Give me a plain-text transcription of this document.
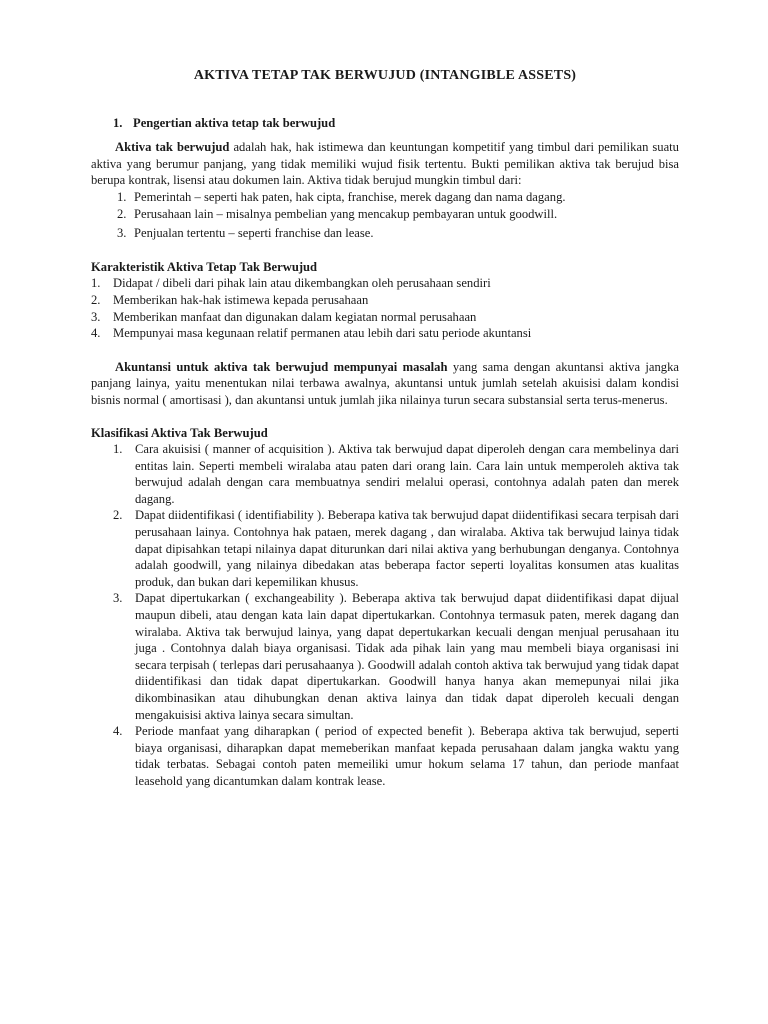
AKTIVA TETAP TAK BERWUJUD (INTANGIBLE ASSETS)
1. Pengertian aktiva tetap tak berwujud

Aktiva tak berwujud adalah hak, hak istimewa dan keuntungan kompetitif yang timbul dari pemilikan suatu aktiva yang berumur panjang, yang tidak memiliki wujud fisik tertentu. Bukti pemilikan aktiva tak berujud bisa berupa kontrak, lisensi atau dokumen lain. Aktiva tidak berujud mungkin timbul dari:

1. Pemerintah – seperti hak paten, hak cipta, franchise, merek dagang dan nama dagang.
2. Perusahaan lain – misalnya pembelian yang mencakup pembayaran untuk goodwill.
3. Penjualan tertentu – seperti franchise dan lease.
Karakteristik Aktiva Tetap Tak Berwujud
1. Didapat / dibeli dari pihak lain atau dikembangkan oleh perusahaan sendiri
2. Memberikan hak-hak istimewa kepada perusahaan
3. Memberikan manfaat dan digunakan dalam kegiatan normal perusahaan
4. Mempunyai masa kegunaan relatif permanen atau lebih dari satu periode akuntansi

Akuntansi untuk aktiva tak berwujud mempunyai masalah yang sama dengan akuntansi aktiva jangka panjang lainya, yaitu menentukan nilai terbawa awalnya, akuntansi untuk jumlah setelah akuisisi dalam kondisi bisnis normal ( amortisasi ), dan akuntansi untuk jumlah jika nilainya turun secara substansial serta terus-menerus.

Klasifikasi Aktiva Tak Berwujud
1. Cara akuisisi ( manner of acquisition ). Aktiva tak berwujud dapat diperoleh dengan cara membelinya dari entitas lain. Seperti membeli wiralaba atau paten dari orang lain. Cara lain untuk memperoleh aktiva tak berwujud adalah dengan cara membuatnya sendiri melalui operasi, contohnya adalah paten dan merek dagang.
2. Dapat diidentifikasi ( identifiability ). Beberapa kativa tak berwujud dapat diidentifikasi secara terpisah dari perusahaan lainya. Contohnya hak pataen, merek dagang , dan wiralaba. Aktiva tak berwujud lainya tidak dapat dipisahkan tetapi nilainya dapat diturunkan dari nilai aktiva yang berhubungan denganya. Contohnya adalah goodwill, yang nilainya dibedakan atas beberapa factor seperti loyalitas konsumen atas kualitas produk, dan bukan dari kepemilikan khusus.
3. Dapat dipertukarkan ( exchangeability ). Beberapa aktiva tak berwujud dapat diidentifikasi dapat dijual maupun dibeli, atau dengan kata lain dapat dipertukarkan. Contohnya termasuk paten, merek dagang dan wiralaba. Aktiva tak berwujud lainya, yang dapat depertukarkan kecuali dengan menjual perusahaan itu juga . Contohnya dalah biaya organisasi. Tidak ada pihak lain yang mau membeli biaya organisasi ini secara terpisah ( terlepas dari perusahaanya ). Goodwill adalah contoh aktiva tak berwujud yang tidak dapat diidentifikasi dan tidak dapat dipertukarkan. Goodwill hanya hanya akan memepunyai nilai jika dikombinasikan atau dihubungkan denan aktiva lainya dan tidak dapat diperoleh kecuali dengan mengakuisisi aktiva lainya secara simultan.
4. Periode manfaat yang diharapkan ( period of expected benefit ). Beberapa aktiva tak berwujud, seperti biaya organisasi, diharapkan dapat memeberikan manfaat kepada perusahaan dalam jangka waktu yang tidak terbatas. Sebagai contoh paten memeiliki umur hokum selama 17 tahun, dan periode manfaat leasehold yang dicantumkan dalam kontrak lease.
